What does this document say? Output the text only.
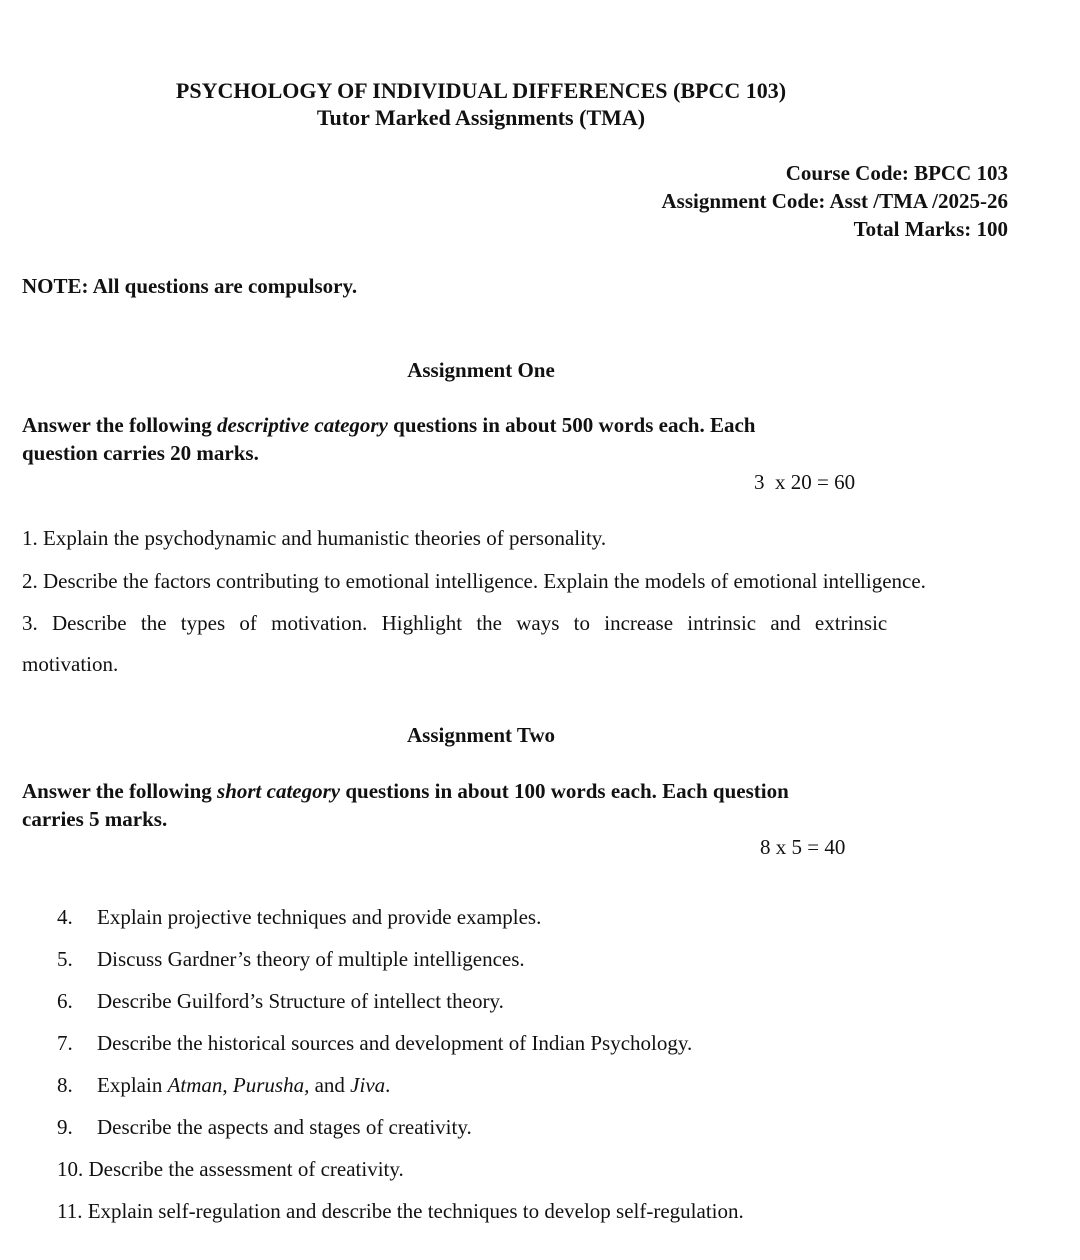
PSYCHOLOGY OF INDIVIDUAL DIFFERENCES (BPCC 103)
Tutor Marked Assignments (TMA)
Course Code: BPCC 103
Assignment Code: Asst /TMA /2025-26
Total Marks: 100
NOTE: All questions are compulsory.
Assignment One
Answer the following descriptive category questions in about 500 words each. Each
question carries 20 marks.
3  x 20 = 60
1. Explain the psychodynamic and humanistic theories of personality.
2. Describe the factors contributing to emotional intelligence. Explain the models of emotional intelligence.
3. Describe the types of motivation. Highlight the ways to increase intrinsic and extrinsic
motivation.
Assignment Two
Answer the following short category questions in about 100 words each. Each question
carries 5 marks.
8 x 5 = 40
4. Explain projective techniques and provide examples.
5. Discuss Gardner’s theory of multiple intelligences.
6. Describe Guilford’s Structure of intellect theory.
7. Describe the historical sources and development of Indian Psychology.
8. Explain Atman, Purusha, and Jiva.
9. Describe the aspects and stages of creativity.
10. Describe the assessment of creativity.
11. Explain self-regulation and describe the techniques to develop self-regulation.
